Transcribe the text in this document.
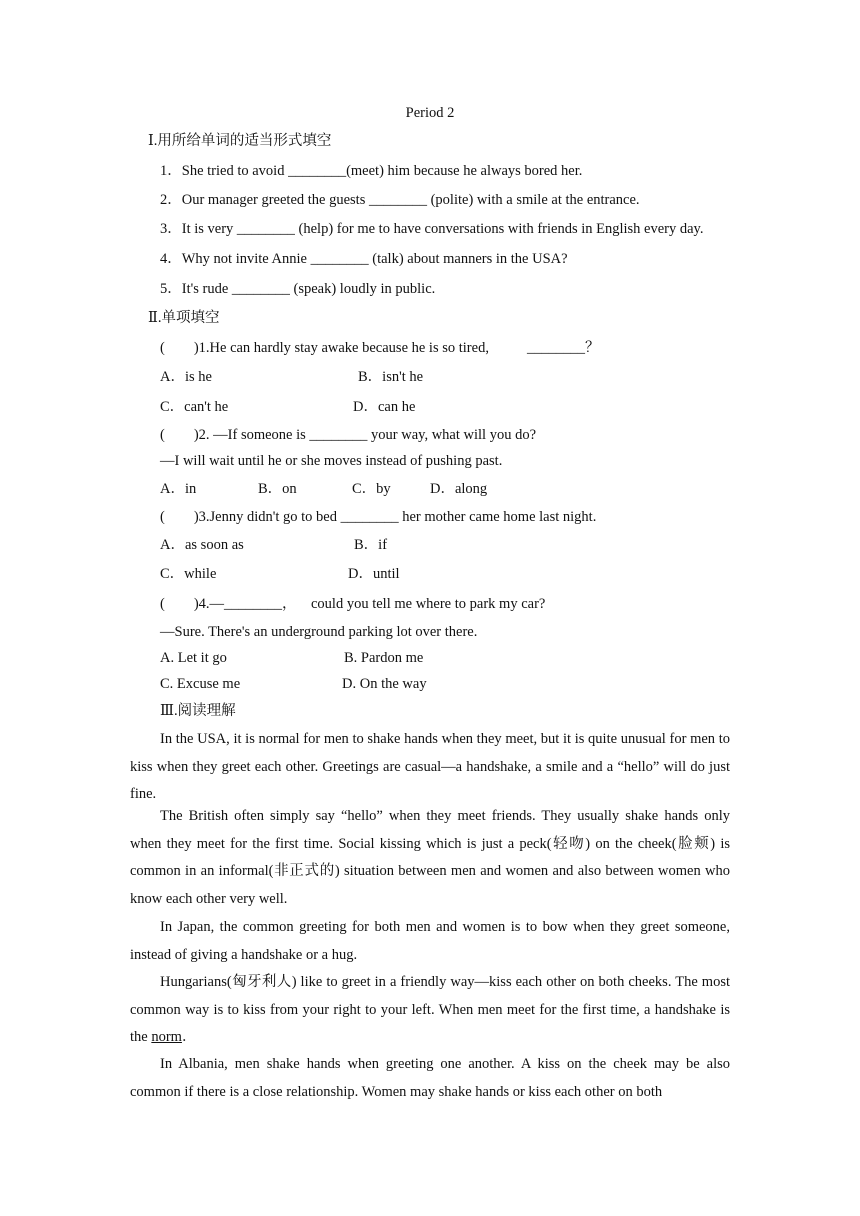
Period 2
Ⅰ.用所给单词的适当形式填空
1．She tried to avoid ________(meet) him because he always bored her.
2．Our manager greeted the guests ________ (polite) with a smile at the entrance.
3．It is very ________ (help) for me to have conversations with friends in English every day.
4．Why not invite Annie ________ (talk) about manners in the USA?
5．It's rude ________ (speak) loudly in public.
Ⅱ.单项填空
(　　)1.He can hardly stay awake because he is so tired,	________？
A．is he	B．isn't he
C．can't he	D．can he
(　　)2. —If someone is ________ your way, what will you do?
—I will wait until he or she moves instead of pushing past.
A．in	B．on	C．by	D．along
(　　)3.Jenny didn't go to bed ________ her mother came home last night.
A．as soon as	B．if
C．while	D．until
(　　)4.—________， could you tell me where to park my car?
—Sure. There's an underground parking lot over there.
A. Let it go	B. Pardon me
C. Excuse me	D. On the way
Ⅲ.阅读理解
In the USA, it is normal for men to shake hands when they meet, but it is quite unusual for men to kiss when they greet each other. Greetings are casual—a handshake, a smile and a “hello” will do just fine.
The British often simply say “hello” when they meet friends. They usually shake hands only when they meet for the first time. Social kissing which is just a peck(轻吻) on the cheek(脸颊) is common in an informal(非正式的) situation between men and women and also between women who know each other very well.
In Japan, the common greeting for both men and women is to bow when they greet someone, instead of giving a handshake or a hug.
Hungarians(匈牙利人) like to greet in a friendly way—kiss each other on both cheeks. The most common way is to kiss from your right to your left. When men meet for the first time, a handshake is the norm．
In Albania, men shake hands when greeting one another. A kiss on the cheek may be also common if there is a close relationship. Women may shake hands or kiss each other on both
